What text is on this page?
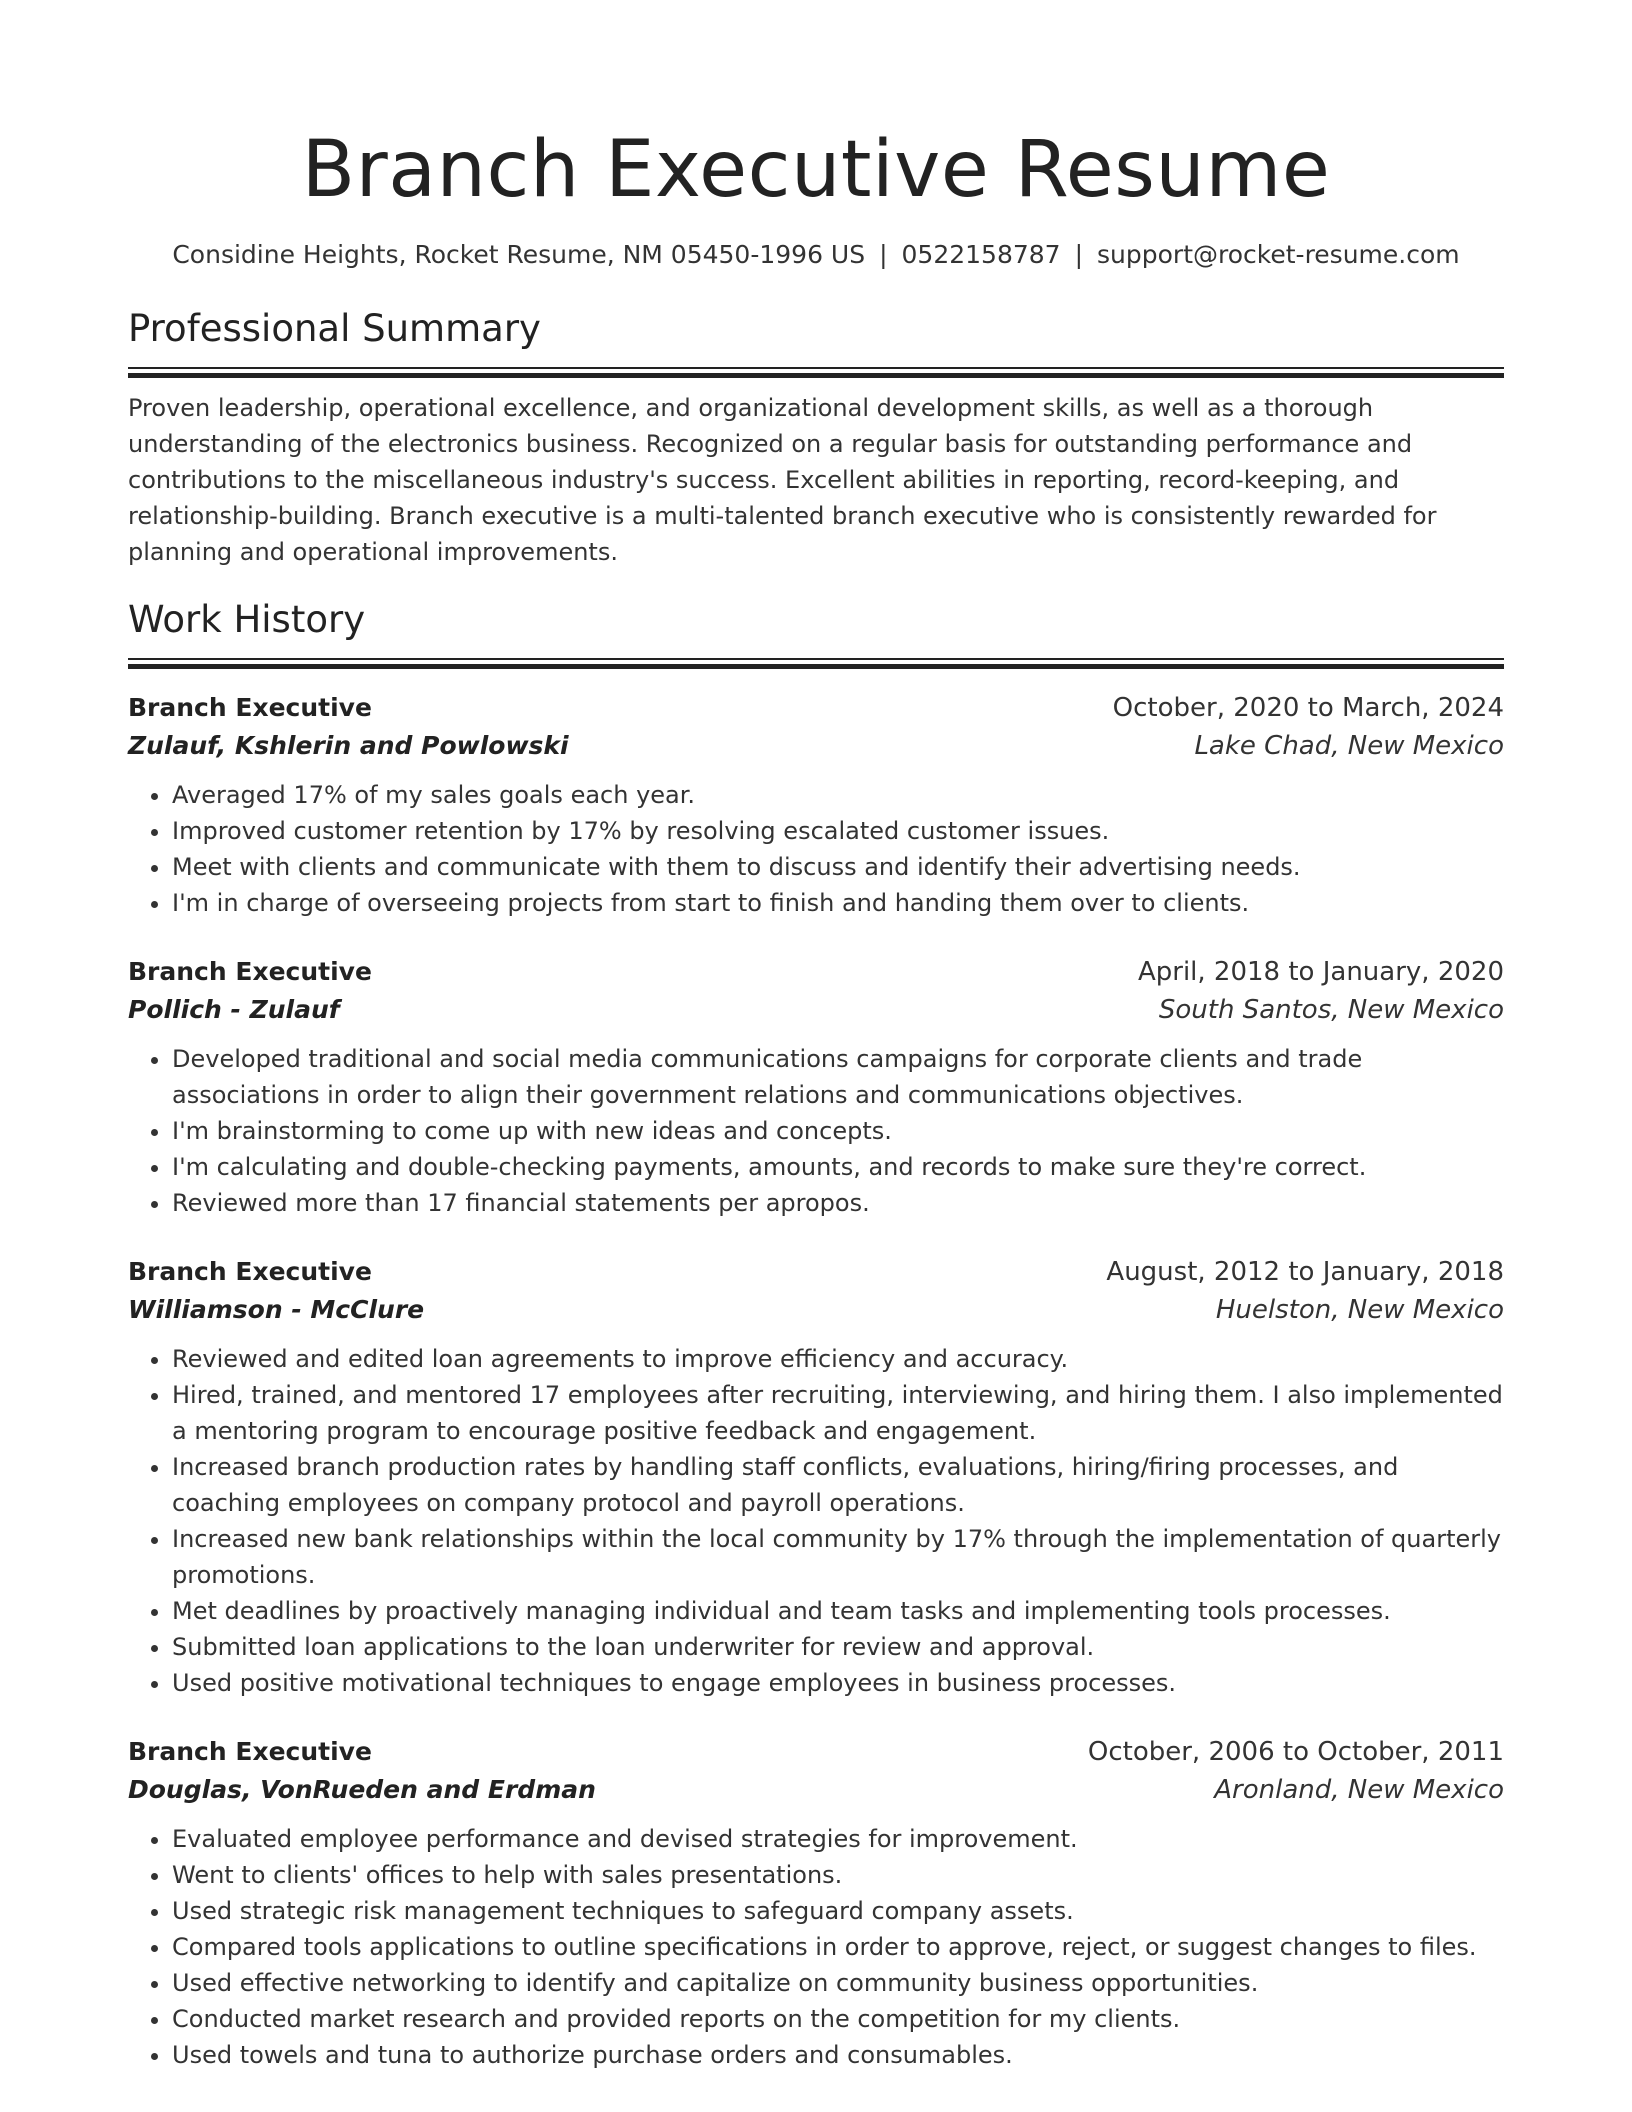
Branch Executive Resume
Considine Heights, Rocket Resume, NM 05450-1996 US | 0522158787 | support@rocket-resume.com
Professional Summary

Proven leadership, operational excellence, and organizational development skills, as well as a thorough understanding of the electronics business. Recognized on a regular basis for outstanding performance and contributions to the miscellaneous industry's success. Excellent abilities in reporting, record-keeping, and relationship-building. Branch executive is a multi-talented branch executive who is consistently rewarded for planning and operational improvements.

Work History
Branch Executive	October, 2020 to March, 2024
Zulauf, Kshlerin and Powlowski	Lake Chad, New Mexico
• Averaged 17% of my sales goals each year.
• Improved customer retention by 17% by resolving escalated customer issues.
• Meet with clients and communicate with them to discuss and identify their advertising needs.
• I'm in charge of overseeing projects from start to finish and handing them over to clients.
Branch Executive	April, 2018 to January, 2020
Pollich - Zulauf	South Santos, New Mexico
• Developed traditional and social media communications campaigns for corporate clients and trade associations in order to align their government relations and communications objectives.
• I'm brainstorming to come up with new ideas and concepts.
• I'm calculating and double-checking payments, amounts, and records to make sure they're correct.
• Reviewed more than 17 financial statements per apropos.
Branch Executive	August, 2012 to January, 2018
Williamson - McClure	Huelston, New Mexico
• Reviewed and edited loan agreements to improve efficiency and accuracy.
• Hired, trained, and mentored 17 employees after recruiting, interviewing, and hiring them. I also implemented a mentoring program to encourage positive feedback and engagement.
• Increased branch production rates by handling staff conflicts, evaluations, hiring/firing processes, and coaching employees on company protocol and payroll operations.
• Increased new bank relationships within the local community by 17% through the implementation of quarterly promotions.
• Met deadlines by proactively managing individual and team tasks and implementing tools processes.
• Submitted loan applications to the loan underwriter for review and approval.
• Used positive motivational techniques to engage employees in business processes.
Branch Executive	October, 2006 to October, 2011
Douglas, VonRueden and Erdman	Aronland, New Mexico
• Evaluated employee performance and devised strategies for improvement.
• Went to clients' offices to help with sales presentations.
• Used strategic risk management techniques to safeguard company assets.
• Compared tools applications to outline specifications in order to approve, reject, or suggest changes to files.
• Used effective networking to identify and capitalize on community business opportunities.
• Conducted market research and provided reports on the competition for my clients.
• Used towels and tuna to authorize purchase orders and consumables.
